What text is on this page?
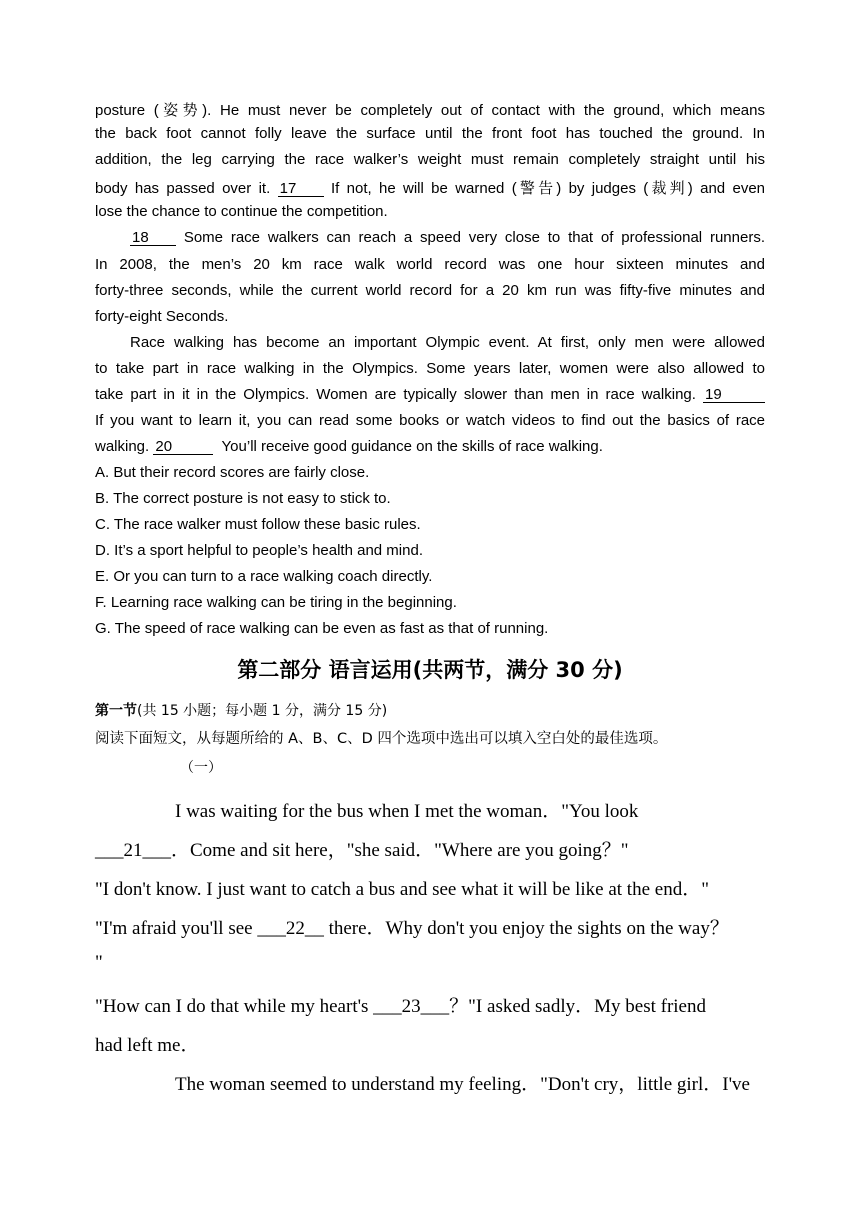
posture (姿势). He must never be completely out of contact with the ground, which means
the back foot cannot folly leave the surface until the front foot has touched the ground. In
addition, the leg carrying the race walker’s weight must remain completely straight until his
body has passed over it. 17 If not, he will be warned (警告) by judges (裁判) and even
lose the chance to continue the competition.
18 Some race walkers can reach a speed very close to that of professional runners.
In 2008, the men’s 20 km race walk world record was one hour sixteen minutes and
forty-three seconds, while the current world record for a 20 km run was fifty-five minutes and
forty-eight Seconds.
Race walking has become an important Olympic event. At first, only men were allowed
to take part in race walking in the Olympics. Some years later, women were also allowed to
take part in it in the Olympics. Women are typically slower than men in race walking. 19
If you want to learn it, you can read some books or watch videos to find out the basics of race
walking. 20	You’ll receive good guidance on the skills of race walking.
A. But their record scores are fairly close.
B. The correct posture is not easy to stick to.
C. The race walker must follow these basic rules.
D. It’s a sport helpful to people’s health and mind.
E. Or you can turn to a race walking coach directly.
F. Learning race walking can be tiring in the beginning.
G. The speed of race walking can be even as fast as that of running.
第二部分 语言运用(共两节，满分 30 分)
第一节(共 15 小题；每小题 1 分，满分 15 分)
阅读下面短文，从每题所给的 A、B、C、D 四个选项中选出可以填入空白处的最佳选项。
（一）
I was waiting for the bus when I met the woman．"You look
___21___．Come and sit here，"she said．"Where are you going？"
"I don't know. I just want to catch a bus and see what it will be like at the end．"
"I'm afraid you'll see ___22__ there．Why don't you enjoy the sights on the way？
"
"How can I do that while my heart's ___23___？"I asked sadly．My best friend
had left me．
The woman seemed to understand my feeling．"Don't cry，little girl．I've
